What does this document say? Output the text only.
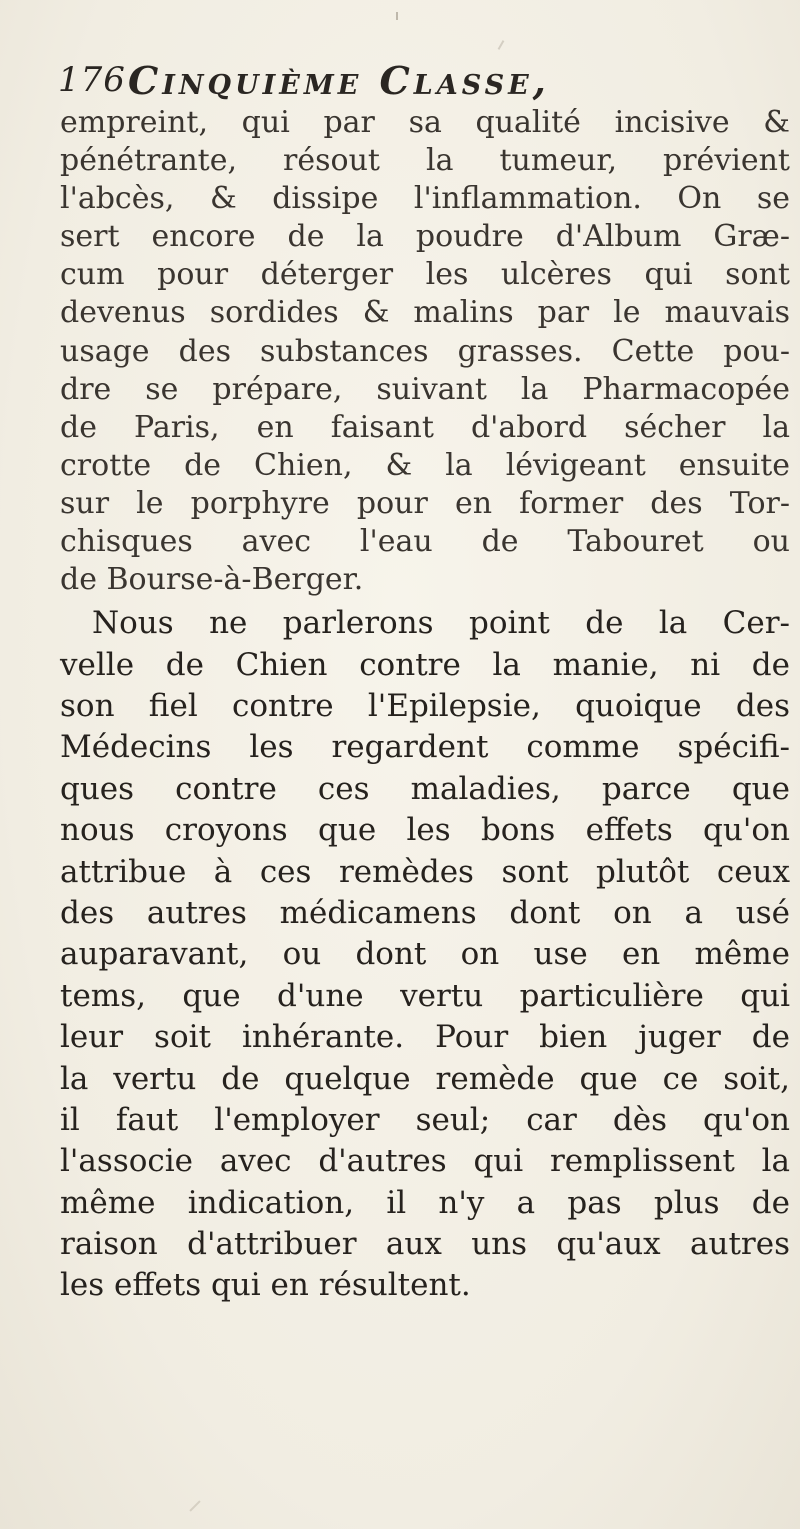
176 Cinquième Classe,
empreint, qui par sa qualité incisive &
pénétrante, résout la tumeur, prévient
l'abcès, & dissipe l'inflammation. On se
sert encore de la poudre d'Album Græ-
cum pour déterger les ulcères qui sont
devenus sordides & malins par le mauvais
usage des substances grasses. Cette pou-
dre se prépare, suivant la Pharmacopée
de Paris, en faisant d'abord sécher la
crotte de Chien, & la lévigeant ensuite
sur le porphyre pour en former des Tor-
chisques avec l'eau de Tabouret ou
de Bourse-à-Berger.
Nous ne parlerons point de la Cer-
velle de Chien contre la manie, ni de
son fiel contre l'Epilepsie, quoique des
Médecins les regardent comme spécifi-
ques contre ces maladies, parce que
nous croyons que les bons effets qu'on
attribue à ces remèdes sont plutôt ceux
des autres médicamens dont on a usé
auparavant, ou dont on use en même
tems, que d'une vertu particulière qui
leur soit inhérante. Pour bien juger de
la vertu de quelque remède que ce soit,
il faut l'employer seul; car dès qu'on
l'associe avec d'autres qui remplissent la
même indication, il n'y a pas plus de
raison d'attribuer aux uns qu'aux autres
les effets qui en résultent.
